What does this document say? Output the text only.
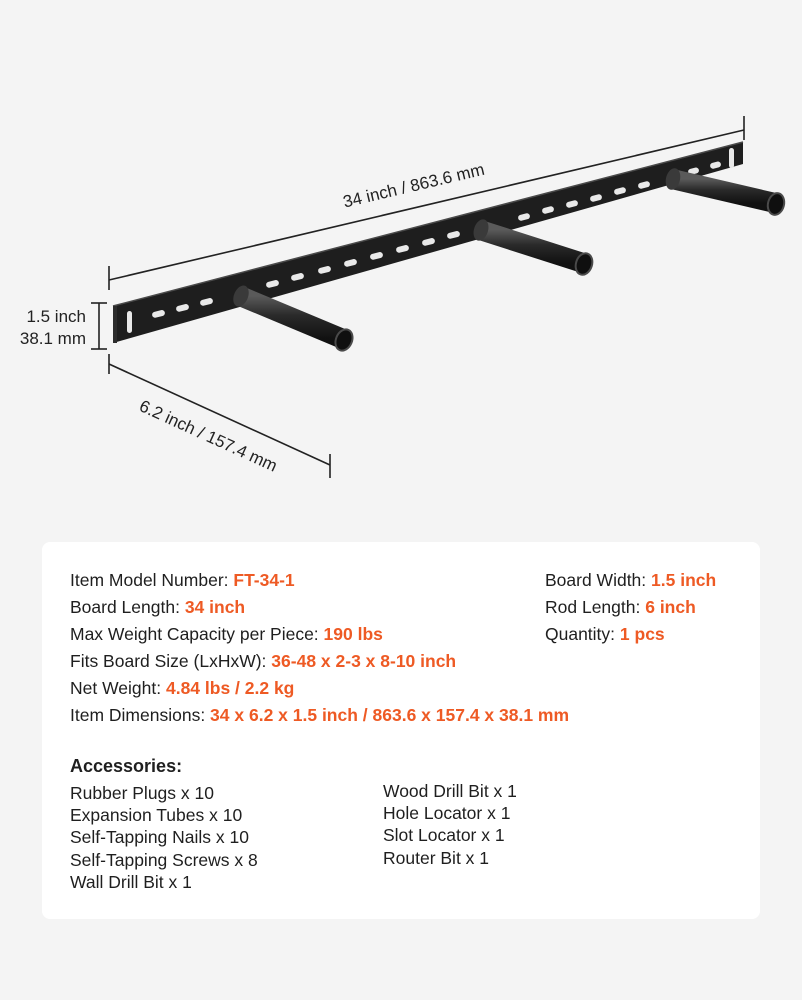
34 inch / 863.6 mm
1.5 inch
38.1 mm
6.2 inch / 157.4 mm
Item Model Number: FT-34-1
Board Length: 34 inch
Max Weight Capacity per Piece: 190 lbs
Fits Board Size (LxHxW): 36-48 x 2-3 x 8-10 inch
Net Weight: 4.84 lbs / 2.2 kg
Item Dimensions: 34 x 6.2 x 1.5 inch / 863.6 x 157.4 x 38.1 mm
Board Width: 1.5 inch
Rod Length: 6 inch
Quantity: 1 pcs
Accessories:
Rubber Plugs x 10
Expansion Tubes x 10
Self-Tapping Nails x 10
Self-Tapping Screws x 8
Wall Drill Bit x 1
Wood Drill Bit x 1
Hole Locator x 1
Slot Locator x 1
Router Bit x 1
